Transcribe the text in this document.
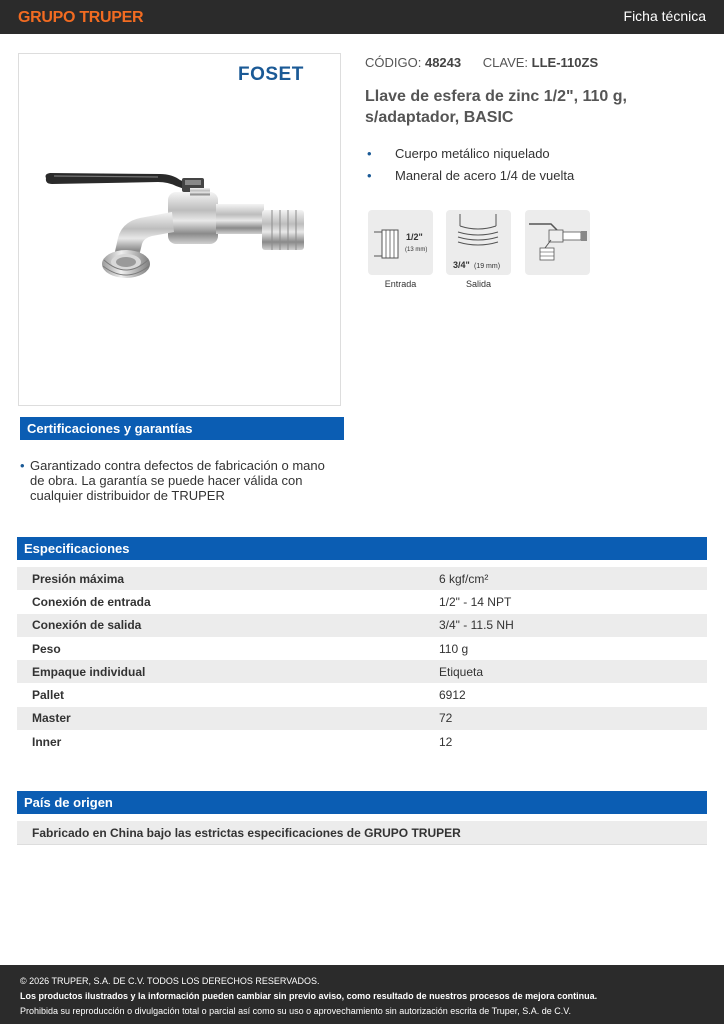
GRUPO TRUPER	Ficha técnica
FOSET
CÓDIGO: 48243 CLAVE: LLE-110ZS
Llave de esfera de zinc 1/2", 110 g, s/adaptador, BASIC
• Cuerpo metálico niquelado
• Maneral de acero 1/4 de vuelta
1/2"
(13 mm)
Entrada
3/4" (19 mm)
Salida
Certificaciones y garantías
• Garantizado contra defectos de fabricación o mano de obra. La garantía se puede hacer válida con cualquier distribuidor de TRUPER
Especificaciones
Presión máxima	6 kgf/cm²
Conexión de entrada	1/2" - 14 NPT
Conexión de salida	3/4" - 11.5 NH
Peso	110 g
Empaque individual	Etiqueta
Pallet	6912
Master	72
Inner	12
País de origen
Fabricado en China bajo las estrictas especificaciones de GRUPO TRUPER
© 2026 TRUPER, S.A. DE C.V. TODOS LOS DERECHOS RESERVADOS.
Los productos ilustrados y la información pueden cambiar sin previo aviso, como resultado de nuestros procesos de mejora continua.
Prohibida su reproducción o divulgación total o parcial así como su uso o aprovechamiento sin autorización escrita de Truper, S.A. de C.V.
